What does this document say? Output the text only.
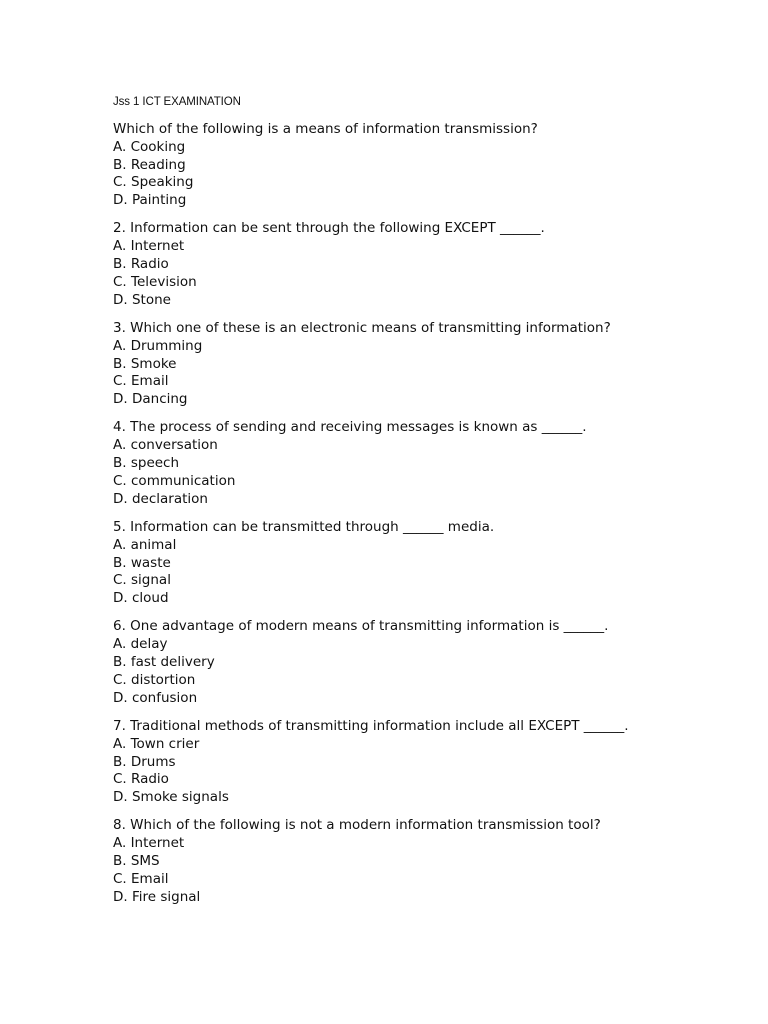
Jss 1 ICT EXAMINATION
Which of the following is a means of information transmission?
A. Cooking
B. Reading
C. Speaking
D. Painting
2. Information can be sent through the following EXCEPT ______.
A. Internet
B. Radio
C. Television
D. Stone
3. Which one of these is an electronic means of transmitting information?
A. Drumming
B. Smoke
C. Email
D. Dancing
4. The process of sending and receiving messages is known as ______.
A. conversation
B. speech
C. communication
D. declaration
5. Information can be transmitted through ______ media.
A. animal
B. waste
C. signal
D. cloud
6. One advantage of modern means of transmitting information is ______.
A. delay
B. fast delivery
C. distortion
D. confusion
7. Traditional methods of transmitting information include all EXCEPT ______.
A. Town crier
B. Drums
C. Radio
D. Smoke signals
8. Which of the following is not a modern information transmission tool?
A. Internet
B. SMS
C. Email
D. Fire signal
